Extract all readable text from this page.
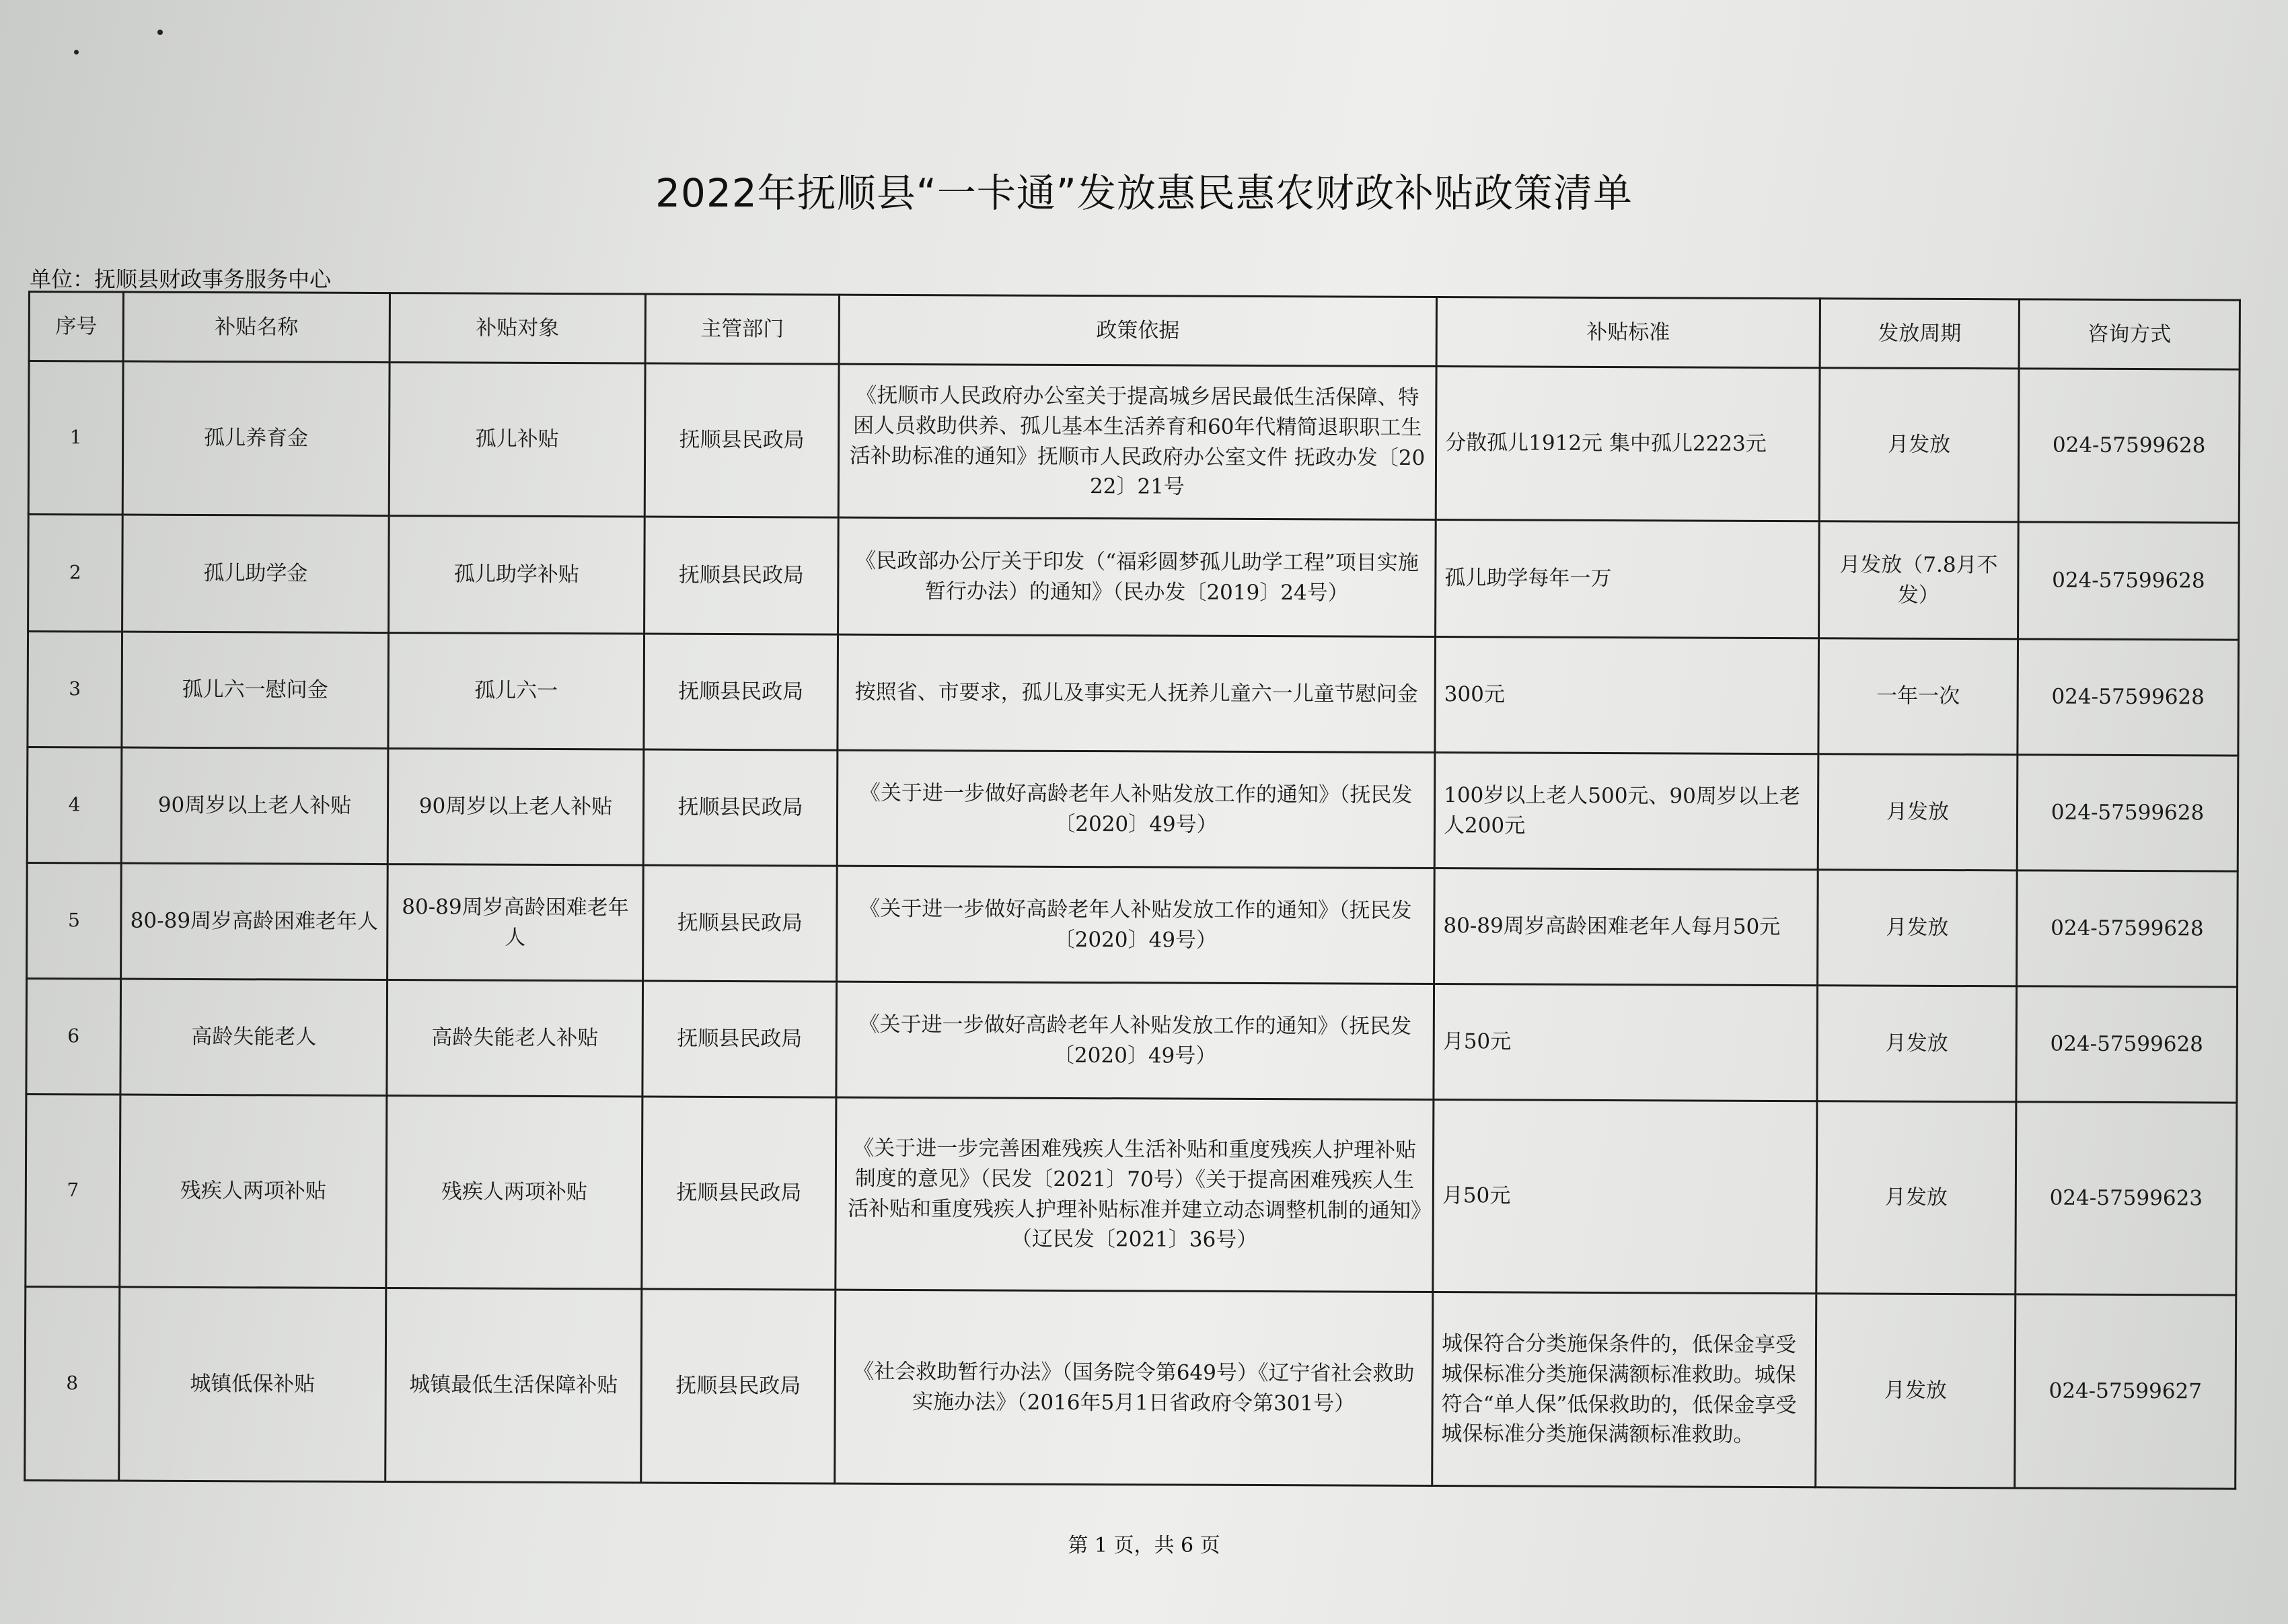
2022年抚顺县“一卡通”发放惠民惠农财政补贴政策清单
单位：抚顺县财政事务服务中心
序号	补贴名称	补贴对象	主管部门	政策依据	补贴标准	发放周期	咨询方式
1	孤儿养育金	孤儿补贴	抚顺县民政局	《抚顺市人民政府办公室关于提高城乡居民最低生活保障、特困人员救助供养、孤儿基本生活养育和60年代精简退职职工生活补助标准的通知》抚顺市人民政府办公室文件 抚政办发〔2022〕21号	分散孤儿1912元 集中孤儿2223元	月发放	024-57599628
2	孤儿助学金	孤儿助学补贴	抚顺县民政局	《民政部办公厅关于印发（“福彩圆梦孤儿助学工程”项目实施暂行办法）的通知》（民办发〔2019〕24号）	孤儿助学每年一万	月发放（7.8月不发）	024-57599628
3	孤儿六一慰问金	孤儿六一	抚顺县民政局	按照省、市要求，孤儿及事实无人抚养儿童六一儿童节慰问金	300元	一年一次	024-57599628
4	90周岁以上老人补贴	90周岁以上老人补贴	抚顺县民政局	《关于进一步做好高龄老年人补贴发放工作的通知》（抚民发〔2020〕49号）	100岁以上老人500元、90周岁以上老人200元	月发放	024-57599628
5	80-89周岁高龄困难老年人	80-89周岁高龄困难老年人	抚顺县民政局	《关于进一步做好高龄老年人补贴发放工作的通知》（抚民发〔2020〕49号）	80-89周岁高龄困难老年人每月50元	月发放	024-57599628
6	高龄失能老人	高龄失能老人补贴	抚顺县民政局	《关于进一步做好高龄老年人补贴发放工作的通知》（抚民发〔2020〕49号）	月50元	月发放	024-57599628
7	残疾人两项补贴	残疾人两项补贴	抚顺县民政局	《关于进一步完善困难残疾人生活补贴和重度残疾人护理补贴制度的意见》（民发〔2021〕70号）《关于提高困难残疾人生活补贴和重度残疾人护理补贴标准并建立动态调整机制的通知》（辽民发〔2021〕36号）	月50元	月发放	024-57599623
8	城镇低保补贴	城镇最低生活保障补贴	抚顺县民政局	《社会救助暂行办法》（国务院令第649号）《辽宁省社会救助实施办法》（2016年5月1日省政府令第301号）	城保符合分类施保条件的，低保金享受城保标准分类施保满额标准救助。城保符合“单人保”低保救助的，低保金享受城保标准分类施保满额标准救助。	月发放	024-57599627
第 1 页，共 6 页
